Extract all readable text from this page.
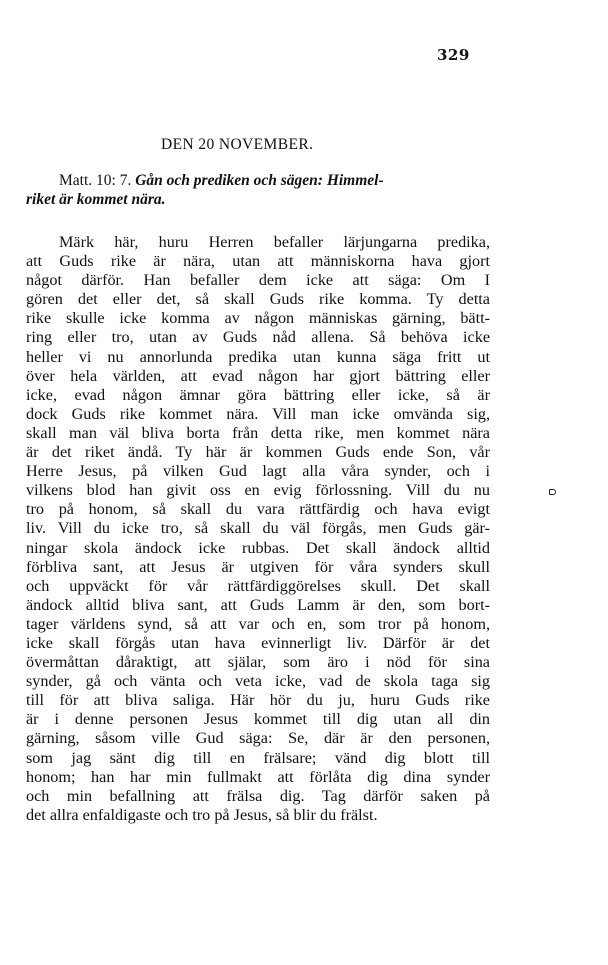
329
DEN 20 NOVEMBER.
Matt. 10: 7. Gån och prediken och sägen: Himmel-
riket är kommet nära.
Märk här, huru Herren befaller lärjungarna predika,
att Guds rike är nära, utan att människorna hava gjort
något därför. Han befaller dem icke att säga: Om I
gören det eller det, så skall Guds rike komma. Ty detta
rike skulle icke komma av någon människas gärning, bätt-
ring eller tro, utan av Guds nåd allena. Så behöva icke
heller vi nu annorlunda predika utan kunna säga fritt ut
över hela världen, att evad någon har gjort bättring eller
icke, evad någon ämnar göra bättring eller icke, så är
dock Guds rike kommet nära. Vill man icke omvända sig,
skall man väl bliva borta från detta rike, men kommet nära
är det riket ändå. Ty här är kommen Guds ende Son, vår
Herre Jesus, på vilken Gud lagt alla våra synder, och i
vilkens blod han givit oss en evig förlossning. Vill du nu
tro på honom, så skall du vara rättfärdig och hava evigt
liv. Vill du icke tro, så skall du väl förgås, men Guds gär-
ningar skola ändock icke rubbas. Det skall ändock alltid
förbliva sant, att Jesus är utgiven för våra synders skull
och uppväckt för vår rättfärdiggörelses skull. Det skall
ändock alltid bliva sant, att Guds Lamm är den, som bort-
tager världens synd, så att var och en, som tror på honom,
icke skall förgås utan hava evinnerligt liv. Därför är det
övermåttan dåraktigt, att själar, som äro i nöd för sina
synder, gå och vänta och veta icke, vad de skola taga sig
till för att bliva saliga. Här hör du ju, huru Guds rike
är i denne personen Jesus kommet till dig utan all din
gärning, såsom ville Gud säga: Se, där är den personen,
som jag sänt dig till en frälsare; vänd dig blott till
honom; han har min fullmakt att förlåta dig dina synder
och min befallning att frälsa dig. Tag därför saken på
det allra enfaldigaste och tro på Jesus, så blir du frälst.
